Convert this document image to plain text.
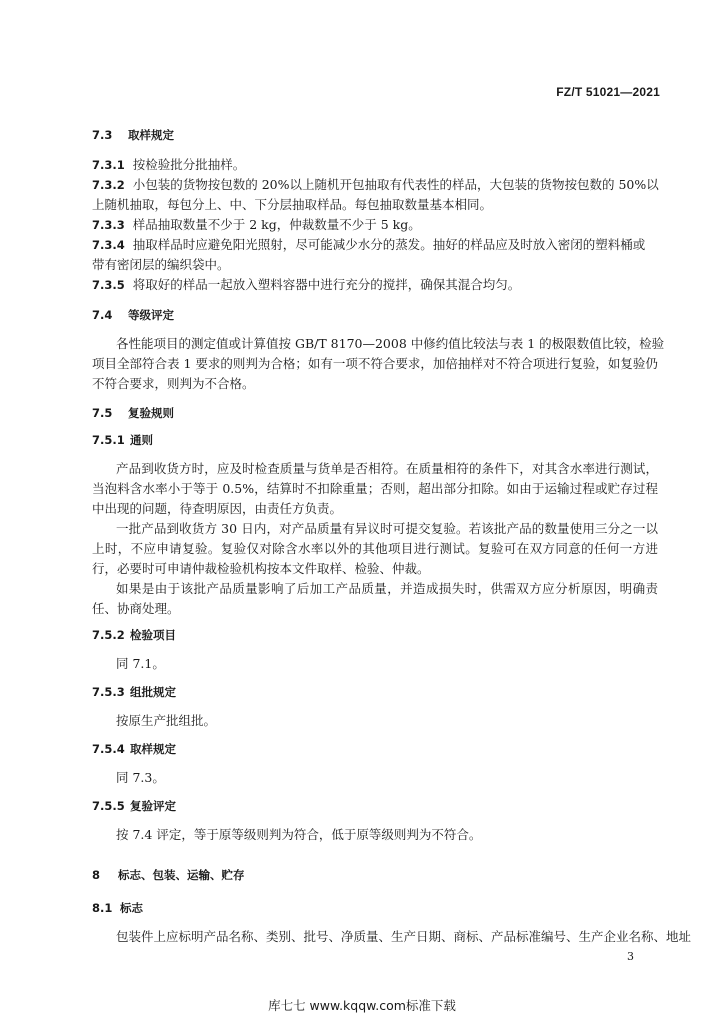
FZ/T 51021—2021
7.3 取样规定
7.3.1 按检验批分批抽样。
7.3.2 小包装的货物按包数的 20%以上随机开包抽取有代表性的样品，大包装的货物按包数的 50%以
上随机抽取，每包分上、中、下分层抽取样品。每包抽取数量基本相同。
7.3.3 样品抽取数量不少于 2 kg，仲裁数量不少于 5 kg。
7.3.4 抽取样品时应避免阳光照射，尽可能减少水分的蒸发。抽好的样品应及时放入密闭的塑料桶或
带有密闭层的编织袋中。
7.3.5 将取好的样品一起放入塑料容器中进行充分的搅拌，确保其混合均匀。
7.4 等级评定
各性能项目的测定值或计算值按 GB/T 8170—2008 中修约值比较法与表 1 的极限数值比较，检验
项目全部符合表 1 要求的则判为合格；如有一项不符合要求，加倍抽样对不符合项进行复验，如复验仍
不符合要求，则判为不合格。
7.5 复验规则
7.5.1 通则
产品到收货方时，应及时检查质量与货单是否相符。在质量相符的条件下，对其含水率进行测试，当泡料含水率小于等于 0.5%，结算时不扣除重量；否则，超出部分扣除。如由于运输过程或贮存过程中出现的问题，待查明原因，由责任方负责。
一批产品到收货方 30 日内，对产品质量有异议时可提交复验。若该批产品的数量使用三分之一以上时，不应申请复验。复验仅对除含水率以外的其他项目进行测试。复验可在双方同意的任何一方进行，必要时可申请仲裁检验机构按本文件取样、检验、仲裁。
如果是由于该批产品质量影响了后加工产品质量，并造成损失时，供需双方应分析原因，明确责任、协商处理。
7.5.2 检验项目
同 7.1。
7.5.3 组批规定
按原生产批组批。
7.5.4 取样规定
同 7.3。
7.5.5 复验评定
按 7.4 评定，等于原等级则判为符合，低于原等级则判为不符合。
8 标志、包装、运输、贮存
8.1 标志
包装件上应标明产品名称、类别、批号、净质量、生产日期、商标、产品标准编号、生产企业名称、地址
3
库七七 www.kqqw.com标准下载
